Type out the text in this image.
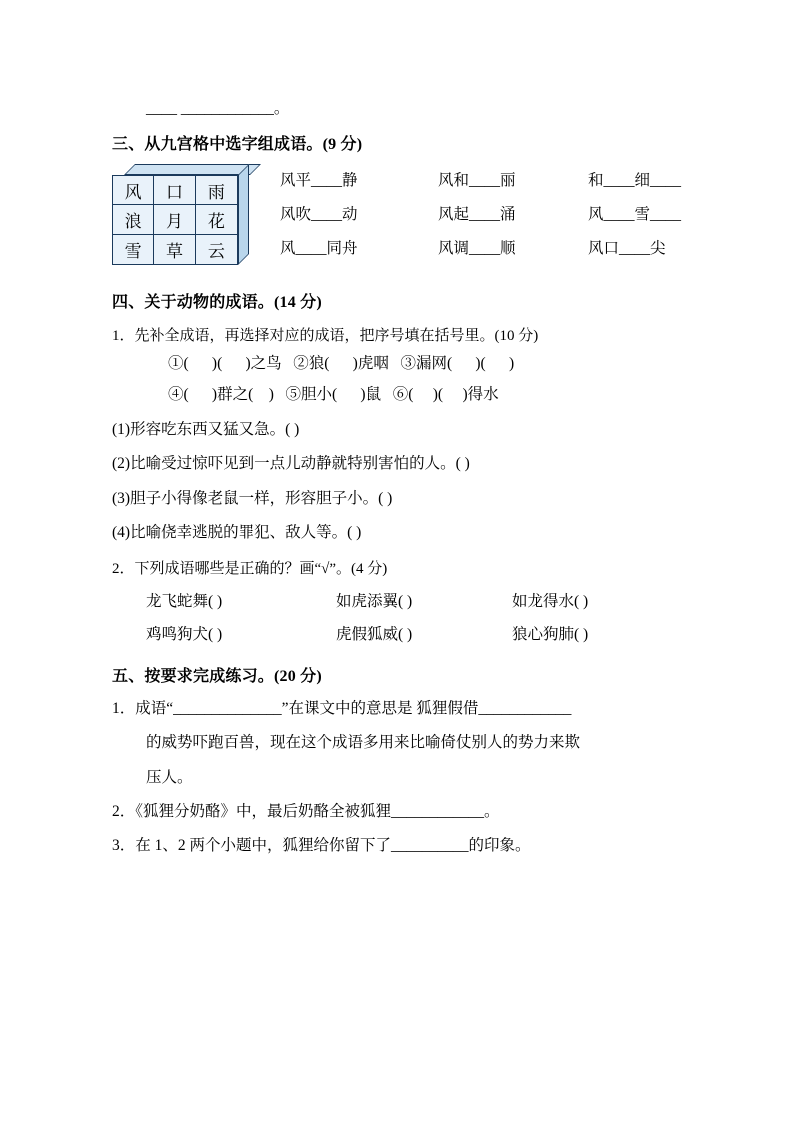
____ ____________。
三、从九宫格中选字组成语。(9 分)
风	口	雨
浪	月	花
雪	草	云
风平____静	风和____丽	和____细____
风吹____动	风起____涌	风____雪____
风____同舟	风调____顺	风口____尖
四、关于动物的成语。(14 分)
1．先补全成语，再选择对应的成语，把序号填在括号里。(10 分)
①(      )(      )之鸟   ②狼(      )虎咽   ③漏网(      )(      )
④(      )群之(    )   ⑤胆小(      )鼠   ⑥(     )(     )得水
(1)形容吃东西又猛又急。( )
(2)比喻受过惊吓见到一点儿动静就特别害怕的人。( )
(3)胆子小得像老鼠一样，形容胆子小。( )
(4)比喻侥幸逃脱的罪犯、敌人等。( )
2．下列成语哪些是正确的？画“√”。(4 分)
龙飞蛇舞( )	如虎添翼( )	如龙得水( )
鸡鸣狗犬( )	虎假狐威( )	狼心狗肺( )
五、按要求完成练习。(20 分)
1．成语“______________”在课文中的意思是 狐狸假借____________
的威势吓跑百兽，现在这个成语多用来比喻倚仗别人的势力来欺
压人。
2．《狐狸分奶酪》中，最后奶酪全被狐狸____________。
3．在 1、2 两个小题中，狐狸给你留下了__________的印象。
